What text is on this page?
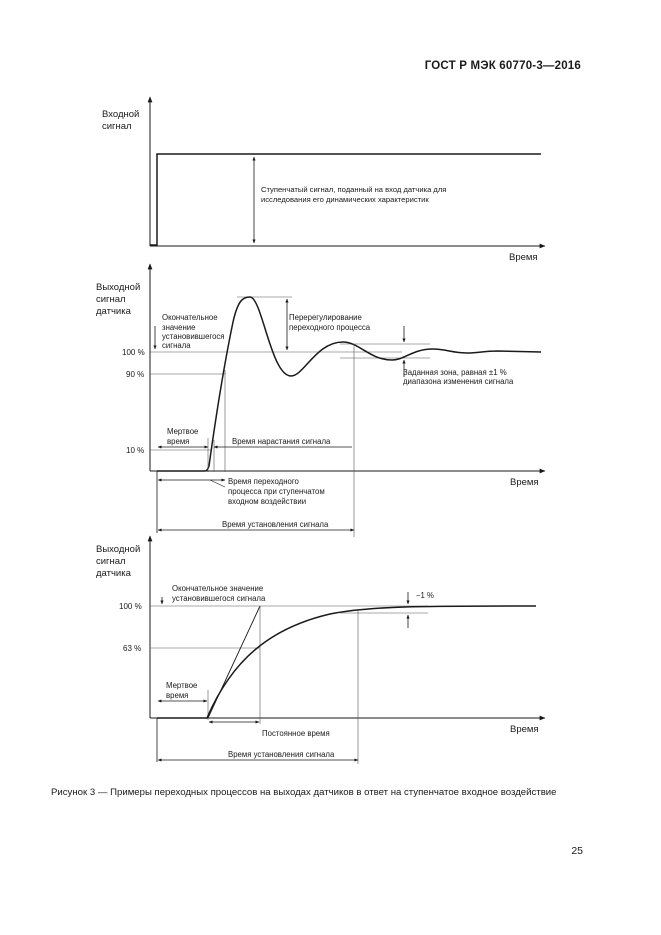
ГОСТ Р МЭК 60770-3—2016
Входной
сигнал
Время
Ступенчатый сигнал, поданный на вход датчика для
исследования его динамических характеристик
Выходной
сигнал
датчика
Время
100 %
90 %
10 %
Окончательное
значение
установившегося
сигнала
Перерегулирование
переходного процесса
Заданная зона, равная ±1 %
диапазона изменения сигнала
Мертвое
время	Время нарастания сигнала
Время переходного
процесса при ступенчатом
входном воздействии
Время установления сигнала
Выходной
сигнал
датчика
Время
100 %
63 %
Окончательное значение
установившегося сигнала	−1 %
Мертвое
время
Постоянное время
Время установления сигнала
Рисунок 3 — Примеры переходных процессов на выходах датчиков в ответ на ступенчатое входное воздействие
25
